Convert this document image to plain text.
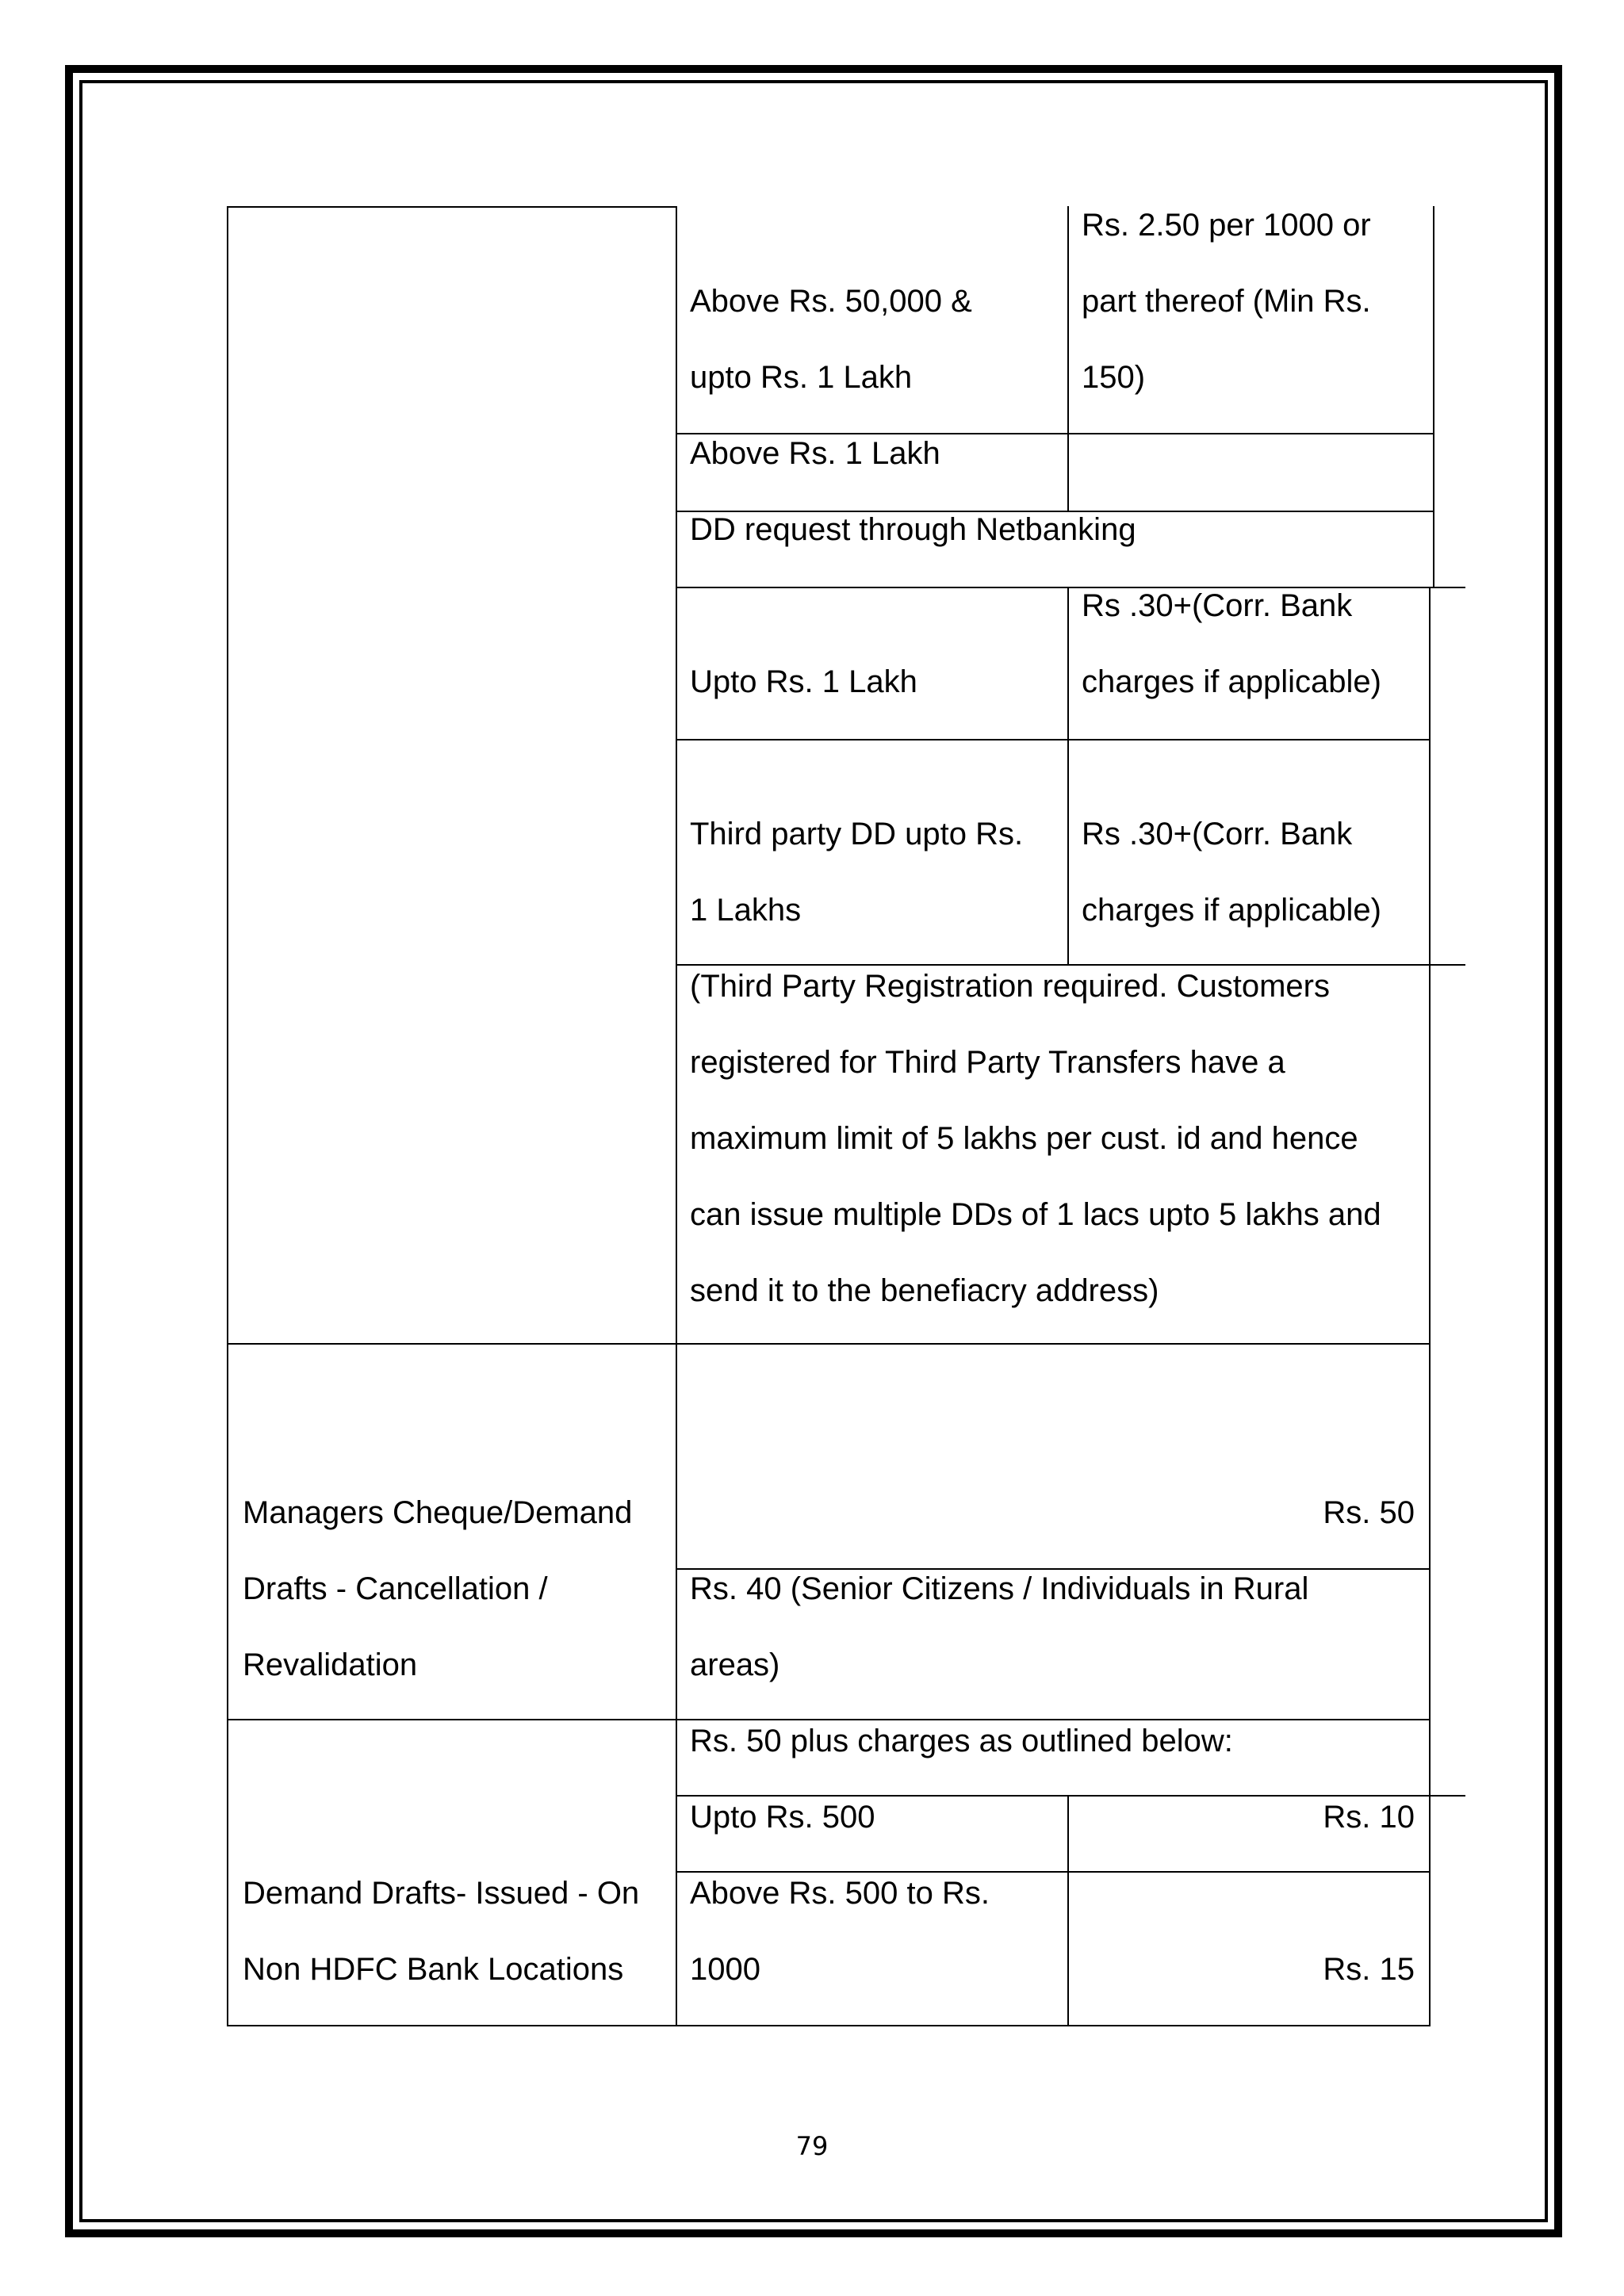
Above Rs. 50,000 &
upto Rs. 1 Lakh
Rs. 2.50 per 1000 or
part thereof (Min Rs.
150)
Above Rs. 1 Lakh
DD request through Netbanking
Upto Rs. 1 Lakh
Rs .30+(Corr. Bank
charges if applicable)
Third party DD upto Rs.
1 Lakhs
Rs .30+(Corr. Bank
charges if applicable)
(Third Party Registration required. Customers
registered for Third Party Transfers have a
maximum limit of 5 lakhs per cust. id and hence
can issue multiple DDs of 1 lacs upto 5 lakhs and
send it to the benefiacry address)
Managers Cheque/Demand
Drafts - Cancellation /
Revalidation
Rs. 50
Rs. 40 (Senior Citizens / Individuals in Rural
areas)
Demand Drafts- Issued - On
Non HDFC Bank Locations
Rs. 50 plus charges as outlined below:
Upto Rs. 500	Rs. 10
Above Rs. 500 to Rs.
1000	Rs. 15
79
